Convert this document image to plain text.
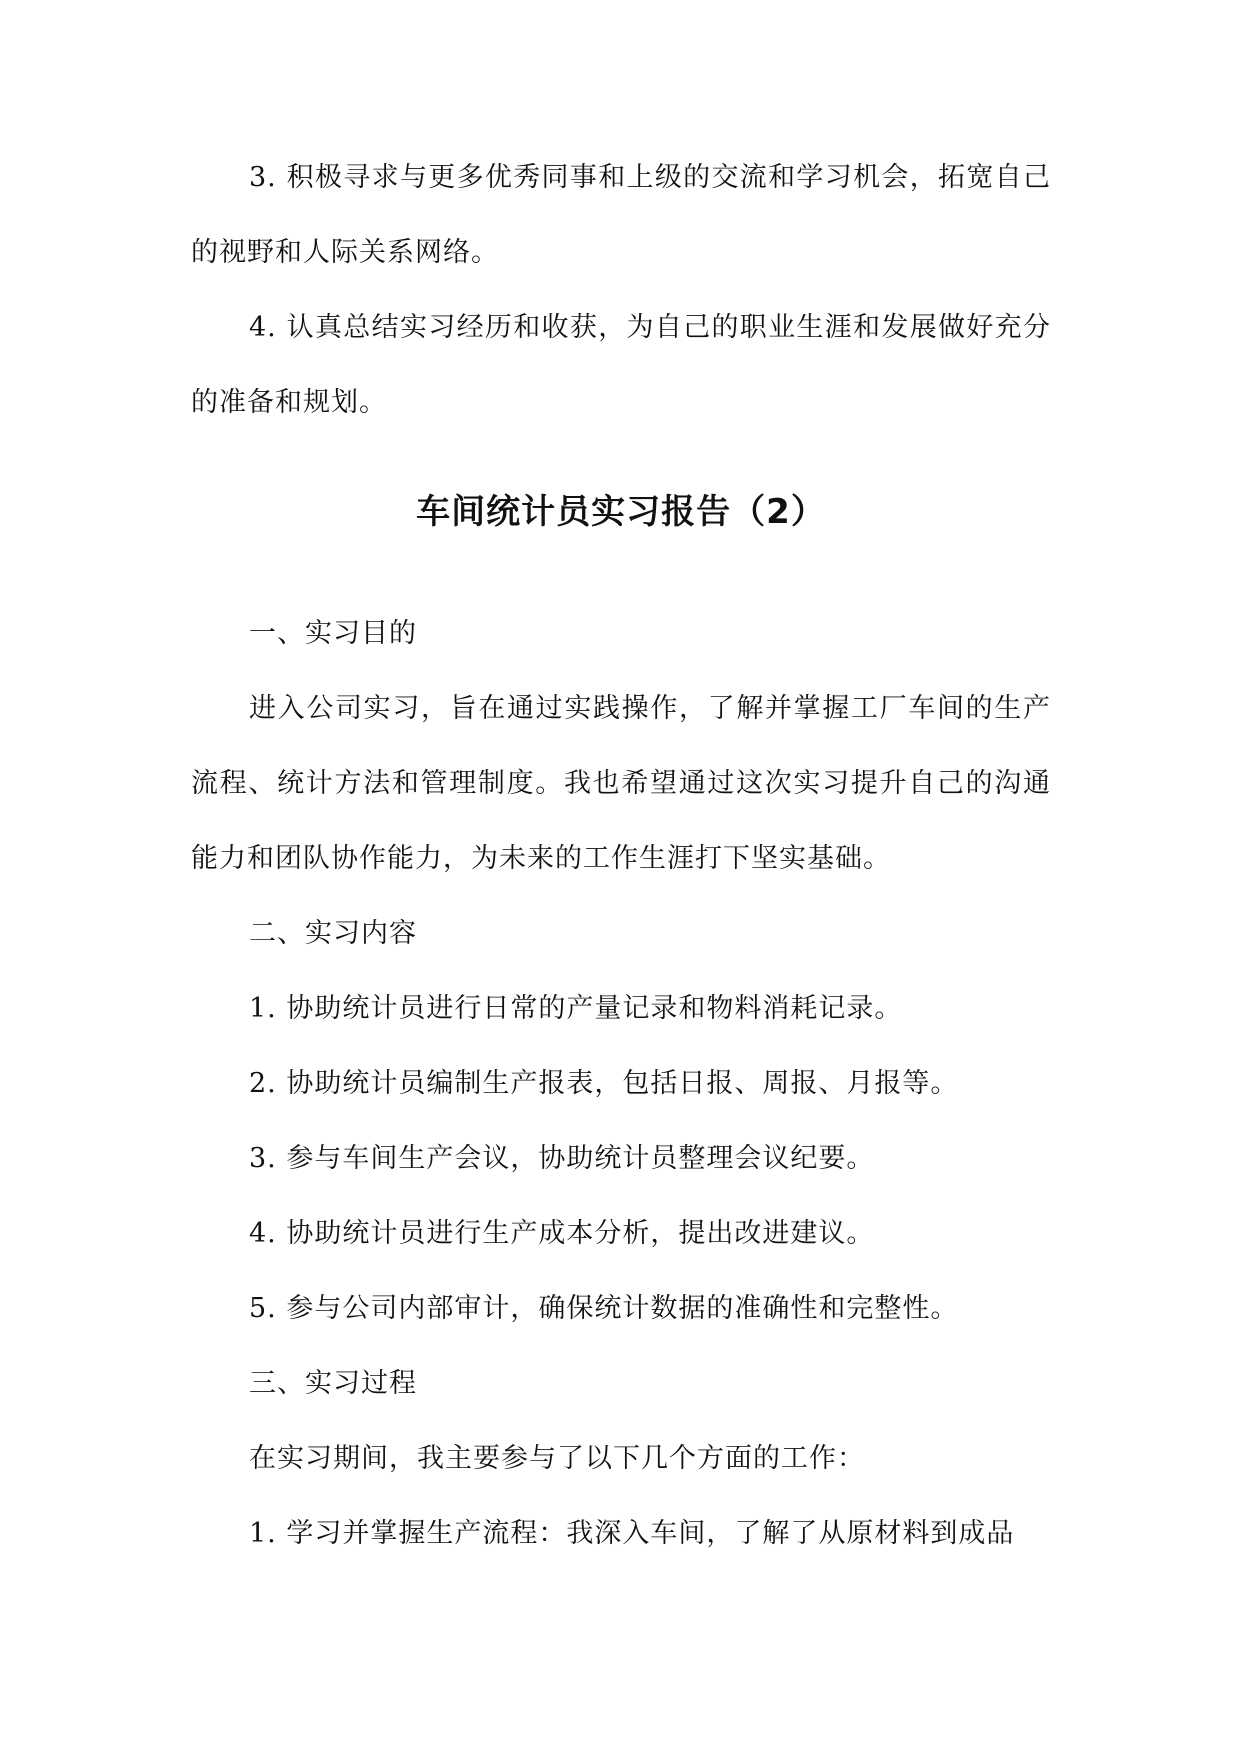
3. 积极寻求与更多优秀同事和上级的交流和学习机会，拓宽自己的视野和人际关系网络。

4. 认真总结实习经历和收获，为自己的职业生涯和发展做好充分的准备和规划。

车间统计员实习报告（2）

一、实习目的

进入公司实习，旨在通过实践操作，了解并掌握工厂车间的生产流程、统计方法和管理制度。我也希望通过这次实习提升自己的沟通能力和团队协作能力，为未来的工作生涯打下坚实基础。

二、实习内容

1. 协助统计员进行日常的产量记录和物料消耗记录。

2. 协助统计员编制生产报表，包括日报、周报、月报等。

3. 参与车间生产会议，协助统计员整理会议纪要。

4. 协助统计员进行生产成本分析，提出改进建议。

5. 参与公司内部审计，确保统计数据的准确性和完整性。

三、实习过程

在实习期间，我主要参与了以下几个方面的工作：

1. 学习并掌握生产流程：我深入车间，了解了从原材料到成品
